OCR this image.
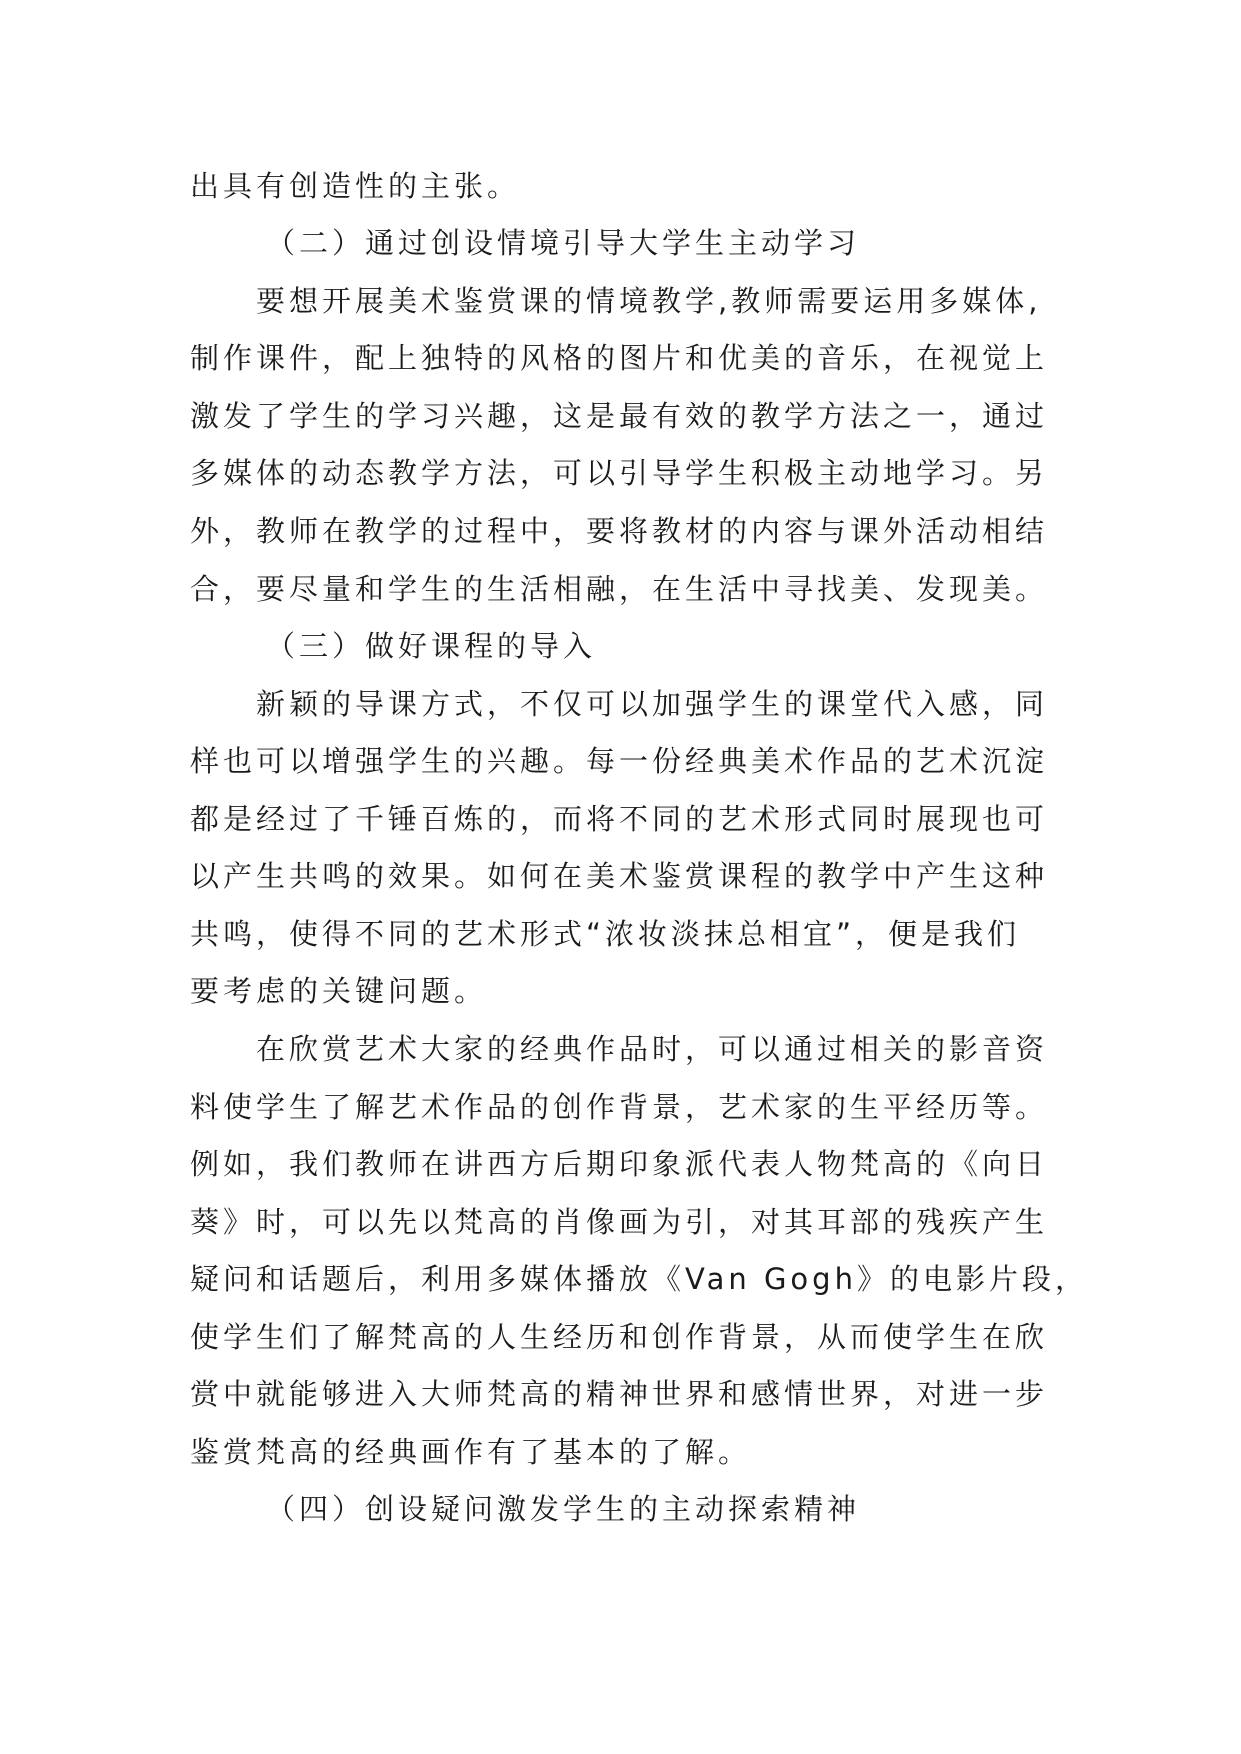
出具有创造性的主张。
（二）通过创设情境引导大学生主动学习
要想开展美术鉴赏课的情境教学,教师需要运用多媒体,
制作课件，配上独特的风格的图片和优美的音乐，在视觉上
激发了学生的学习兴趣，这是最有效的教学方法之一，通过
多媒体的动态教学方法，可以引导学生积极主动地学习。另
外，教师在教学的过程中，要将教材的内容与课外活动相结
合，要尽量和学生的生活相融，在生活中寻找美、发现美。
（三）做好课程的导入
新颖的导课方式，不仅可以加强学生的课堂代入感，同
样也可以增强学生的兴趣。每一份经典美术作品的艺术沉淀
都是经过了千锤百炼的，而将不同的艺术形式同时展现也可
以产生共鸣的效果。如何在美术鉴赏课程的教学中产生这种
共鸣，使得不同的艺术形式“浓妆淡抹总相宜”，便是我们
要考虑的关键问题。
在欣赏艺术大家的经典作品时，可以通过相关的影音资
料使学生了解艺术作品的创作背景，艺术家的生平经历等。
例如，我们教师在讲西方后期印象派代表人物梵高的《向日
葵》时，可以先以梵高的肖像画为引，对其耳部的残疾产生
疑问和话题后，利用多媒体播放《Van Gogh》的电影片段，
使学生们了解梵高的人生经历和创作背景，从而使学生在欣
赏中就能够进入大师梵高的精神世界和感情世界，对进一步
鉴赏梵高的经典画作有了基本的了解。
（四）创设疑问激发学生的主动探索精神
